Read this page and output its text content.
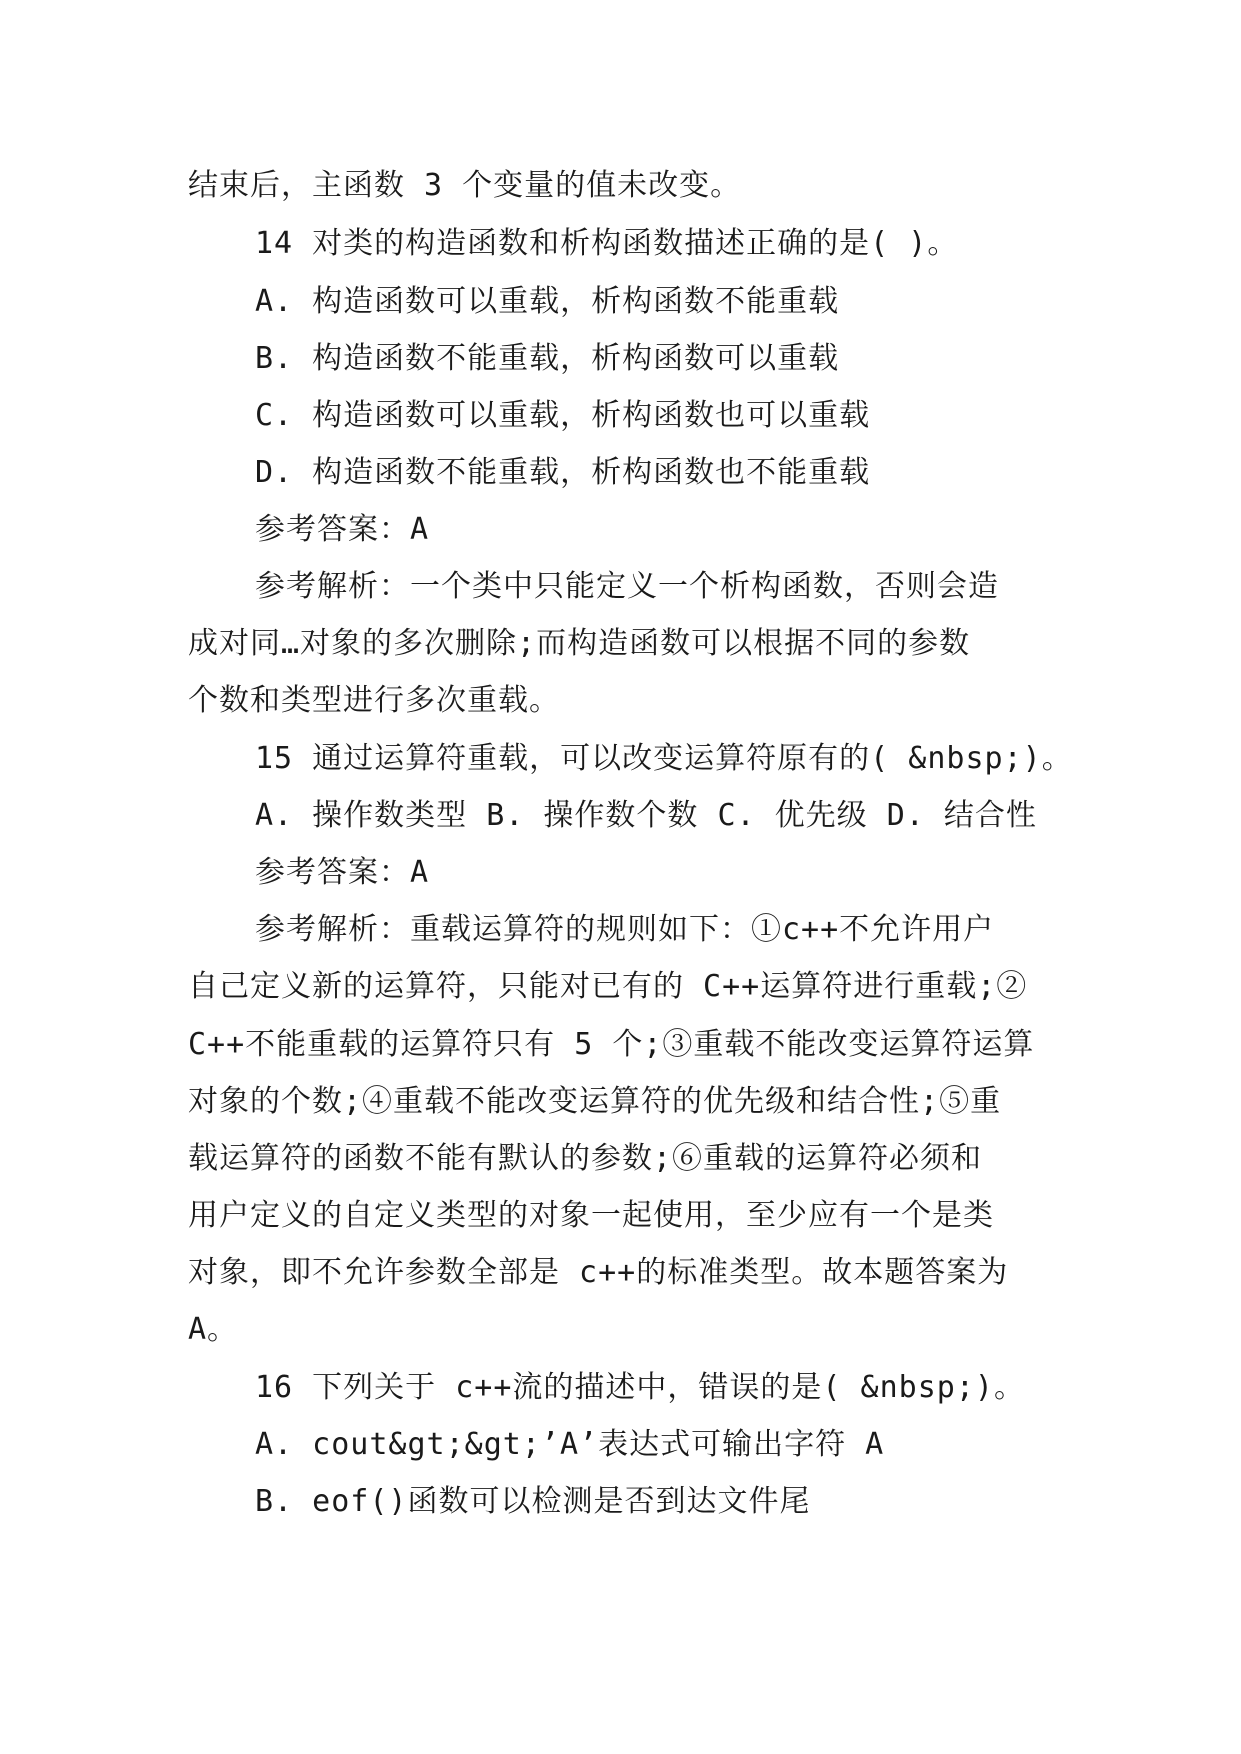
结束后，主函数 3 个变量的值未改变。
14 对类的构造函数和析构函数描述正确的是( )。
A. 构造函数可以重载，析构函数不能重载
B. 构造函数不能重载，析构函数可以重载
C. 构造函数可以重载，析构函数也可以重载
D. 构造函数不能重载，析构函数也不能重载
参考答案：A
参考解析：一个类中只能定义一个析构函数，否则会造
成对同…对象的多次删除;而构造函数可以根据不同的参数
个数和类型进行多次重载。
15 通过运算符重载，可以改变运算符原有的( &nbsp;)。
A. 操作数类型 B. 操作数个数 C. 优先级 D. 结合性
参考答案：A
参考解析：重载运算符的规则如下：①c++不允许用户
自己定义新的运算符，只能对已有的 C++运算符进行重载;②
C++不能重载的运算符只有 5 个;③重载不能改变运算符运算
对象的个数;④重载不能改变运算符的优先级和结合性;⑤重
载运算符的函数不能有默认的参数;⑥重载的运算符必须和
用户定义的自定义类型的对象一起使用，至少应有一个是类
对象，即不允许参数全部是 c++的标准类型。故本题答案为
A。
16 下列关于 c++流的描述中，错误的是( &nbsp;)。
A. cout&gt;&gt;’A’表达式可输出字符 A
B. eof()函数可以检测是否到达文件尾
